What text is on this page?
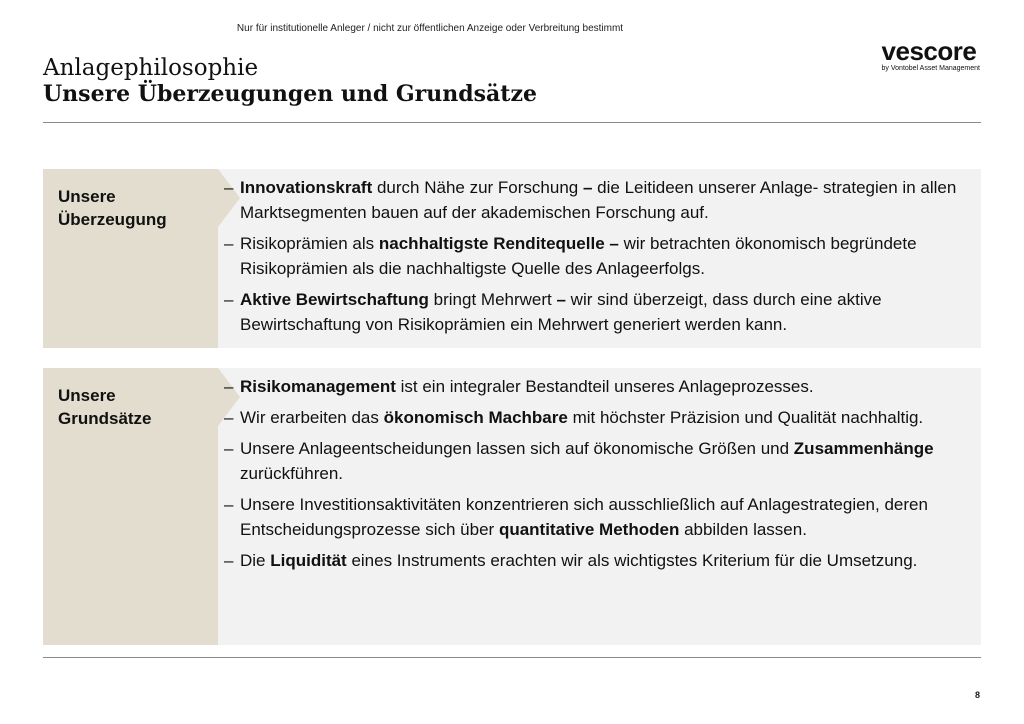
Nur für institutionelle Anleger / nicht zur öffentlichen Anzeige oder Verbreitung bestimmt
Anlagephilosophie
Unsere Überzeugungen und Grundsätze
vescore
by Vontobel Asset Management
Unsere
Überzeugung
– Innovationskraft durch Nähe zur Forschung – die Leitideen unserer Anlage- strategien in allen Marktsegmenten bauen auf der akademischen Forschung auf.
– Risikoprämien als nachhaltigste Renditequelle – wir betrachten ökonomisch begründete Risikoprämien als die nachhaltigste Quelle des Anlageerfolgs.
– Aktive Bewirtschaftung bringt Mehrwert – wir sind überzeigt, dass durch eine aktive Bewirtschaftung von Risikoprämien ein Mehrwert generiert werden kann.
Unsere
Grundsätze
– Risikomanagement ist ein integraler Bestandteil unseres Anlageprozesses.
– Wir erarbeiten das ökonomisch Machbare mit höchster Präzision und Qualität nachhaltig.
– Unsere Anlageentscheidungen lassen sich auf ökonomische Größen und Zusammenhänge zurückführen.
– Unsere Investitionsaktivitäten konzentrieren sich ausschließlich auf Anlagestrategien, deren Entscheidungsprozesse sich über quantitative Methoden abbilden lassen.
– Die Liquidität eines Instruments erachten wir als wichtigstes Kriterium für die Umsetzung.
8
